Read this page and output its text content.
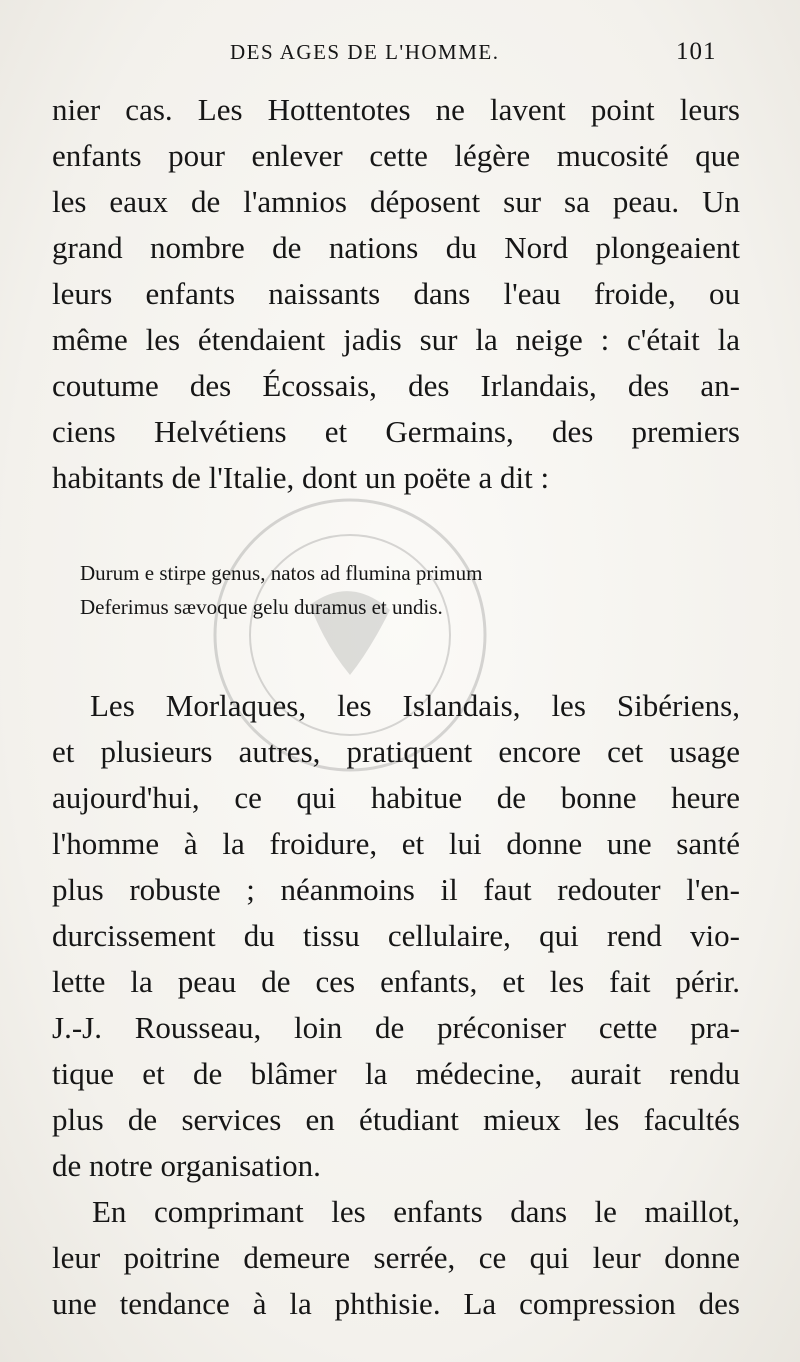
DES AGES DE L'HOMME.	101
nier cas. Les Hottentotes ne lavent point leurs
enfants pour enlever cette légère mucosité que
les eaux de l'amnios déposent sur sa peau. Un
grand nombre de nations du Nord plongeaient
leurs enfants naissants dans l'eau froide, ou
même les étendaient jadis sur la neige : c'était la
coutume des Écossais, des Irlandais, des an-
ciens Helvétiens et Germains, des premiers
habitants de l'Italie, dont un poëte a dit :
Durum e stirpe genus, natos ad flumina primum
Deferimus sævoque gelu duramus et undis.
Les Morlaques, les Islandais, les Sibériens,
et plusieurs autres, pratiquent encore cet usage
aujourd'hui, ce qui habitue de bonne heure
l'homme à la froidure, et lui donne une santé
plus robuste ; néanmoins il faut redouter l'en-
durcissement du tissu cellulaire, qui rend vio-
lette la peau de ces enfants, et les fait périr.
J.-J. Rousseau, loin de préconiser cette pra-
tique et de blâmer la médecine, aurait rendu
plus de services en étudiant mieux les facultés
de notre organisation.
En comprimant les enfants dans le maillot,
leur poitrine demeure serrée, ce qui leur donne
une tendance à la phthisie. La compression des
